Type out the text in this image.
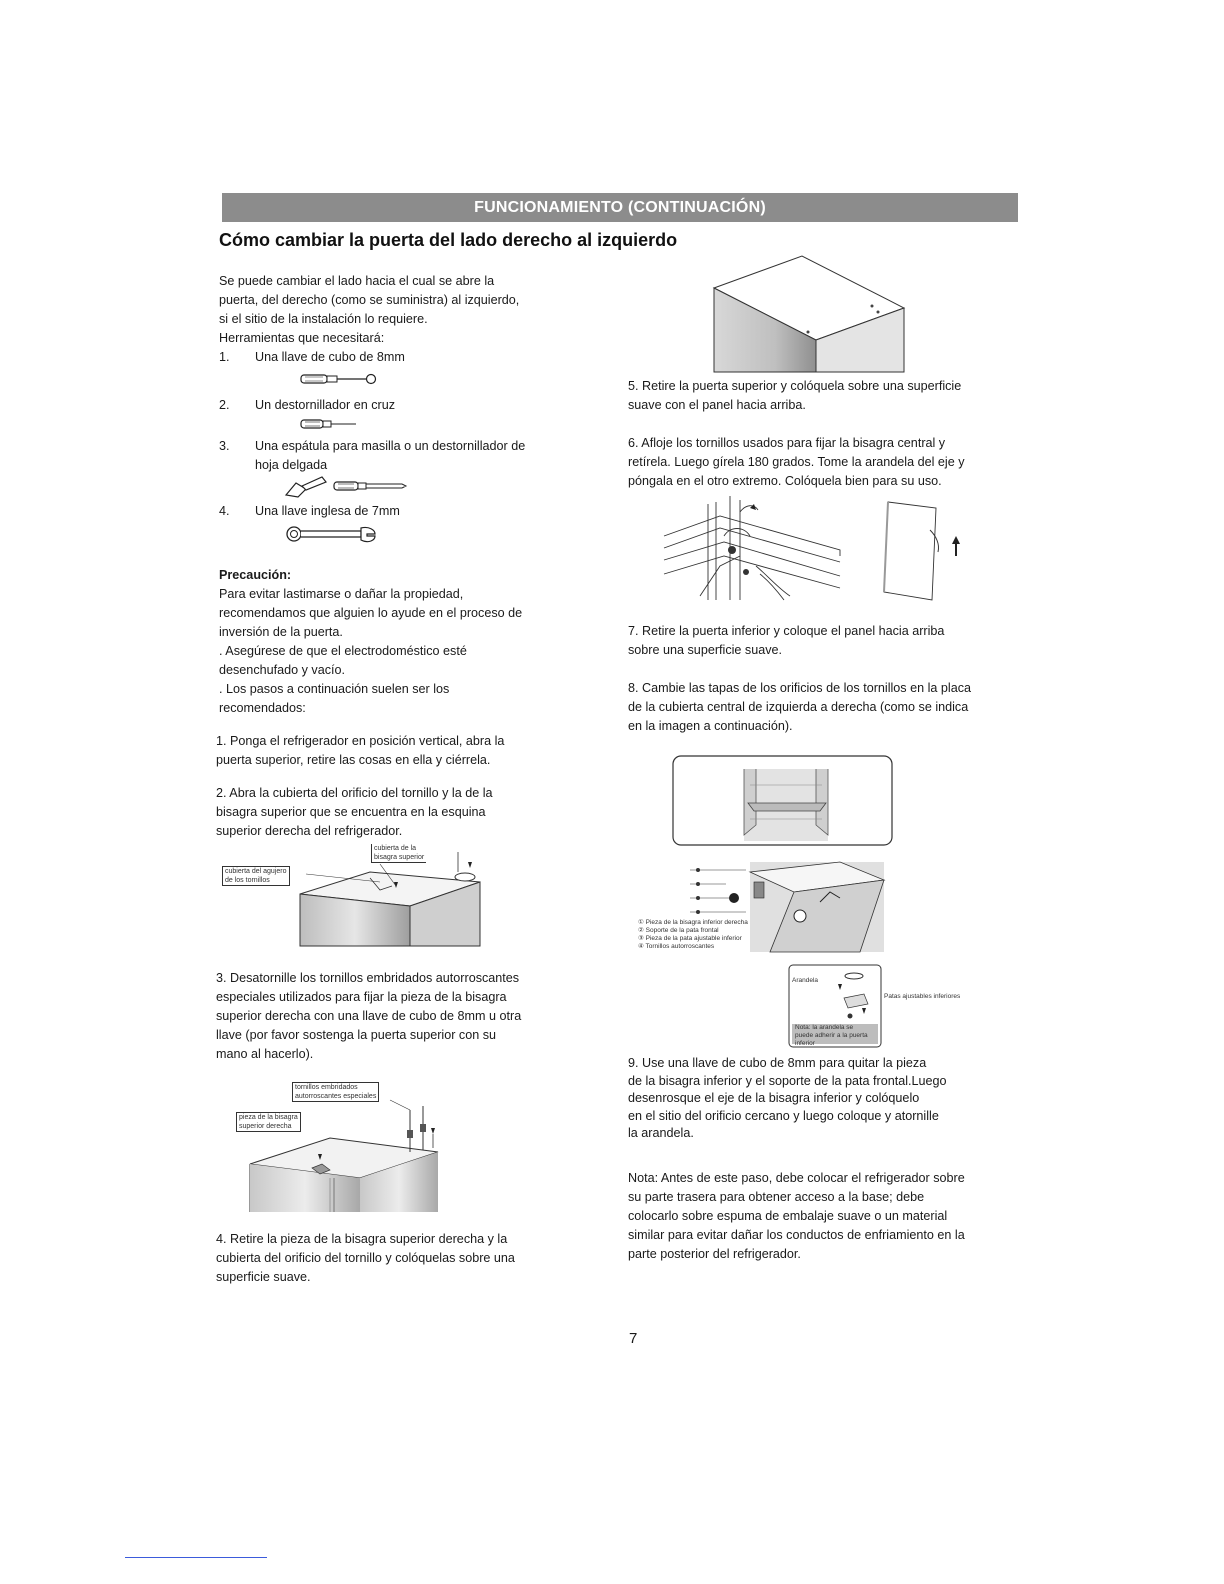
FUNCIONAMIENTO (CONTINUACIÓN)
Cómo cambiar la puerta del lado derecho al izquierdo
Se puede cambiar el lado hacia el cual se abre la
puerta, del derecho (como se suministra) al izquierdo,
si el sitio de la instalación lo requiere.
Herramientas que necesitará:
1. Una llave de cubo de 8mm
2. Un destornillador en cruz
3. Una espátula para masilla o un destornillador de
hoja delgada
4. Una llave inglesa de 7mm
Precaución:
Para evitar lastimarse o dañar la propiedad,
recomendamos que alguien lo ayude en el proceso de
inversión de la puerta.
. Asegúrese de que el electrodoméstico esté
desenchufado y vacío.
. Los pasos a continuación suelen ser los
recomendados:
1. Ponga el refrigerador en posición vertical, abra la
puerta superior, retire las cosas en ella y ciérrela.
2. Abra la cubierta del orificio del tornillo y la de la
bisagra superior que se encuentra en la esquina
superior derecha del refrigerador.
cubierta de la
bisagra superior
cubierta del agujero
de los tornillos
3. Desatornille los tornillos embridados autorroscantes
especiales utilizados para fijar la pieza de la bisagra
superior derecha con una llave de cubo de 8mm u otra
llave (por favor sostenga la puerta superior con su
mano al hacerlo).
tornillos embridados
autorroscantes especiales
pieza de la bisagra
superior derecha
4. Retire la pieza de la bisagra superior derecha y la
cubierta del orificio del tornillo y colóquelas sobre una
superficie suave.
5. Retire la puerta superior y colóquela sobre una superficie
suave con el panel hacia arriba.
6. Afloje los tornillos usados para fijar la bisagra central y
retírela. Luego gírela 180 grados. Tome la arandela del eje y
póngala en el otro extremo. Colóquela bien para su uso.
7. Retire la puerta inferior y coloque el panel hacia arriba
sobre una superficie suave.
8. Cambie las tapas de los orificios de los tornillos en la placa
de la cubierta central de izquierda a derecha (como se indica
en la imagen a continuación).
① Pieza de la bisagra inferior derecha
② Soporte de la pata frontal
③ Pieza de la pata ajustable inferior
④ Tornillos autorroscantes
Arandela
Patas ajustables inferiores
Nota: la arandela se
puede adherir a la puerta
inferior
9. Use una llave de cubo de 8mm para quitar la pieza
de la bisagra inferior y el soporte de la pata frontal.Luego
desenrosque el eje de la bisagra inferior y colóquelo
en el sitio del orificio cercano y luego coloque y atornille
la arandela.
Nota: Antes de este paso, debe colocar el refrigerador sobre
su parte trasera para obtener acceso a la base; debe
colocarlo sobre espuma de embalaje suave o un material
similar para evitar dañar los conductos de enfriamiento en la
parte posterior del refrigerador.
7
